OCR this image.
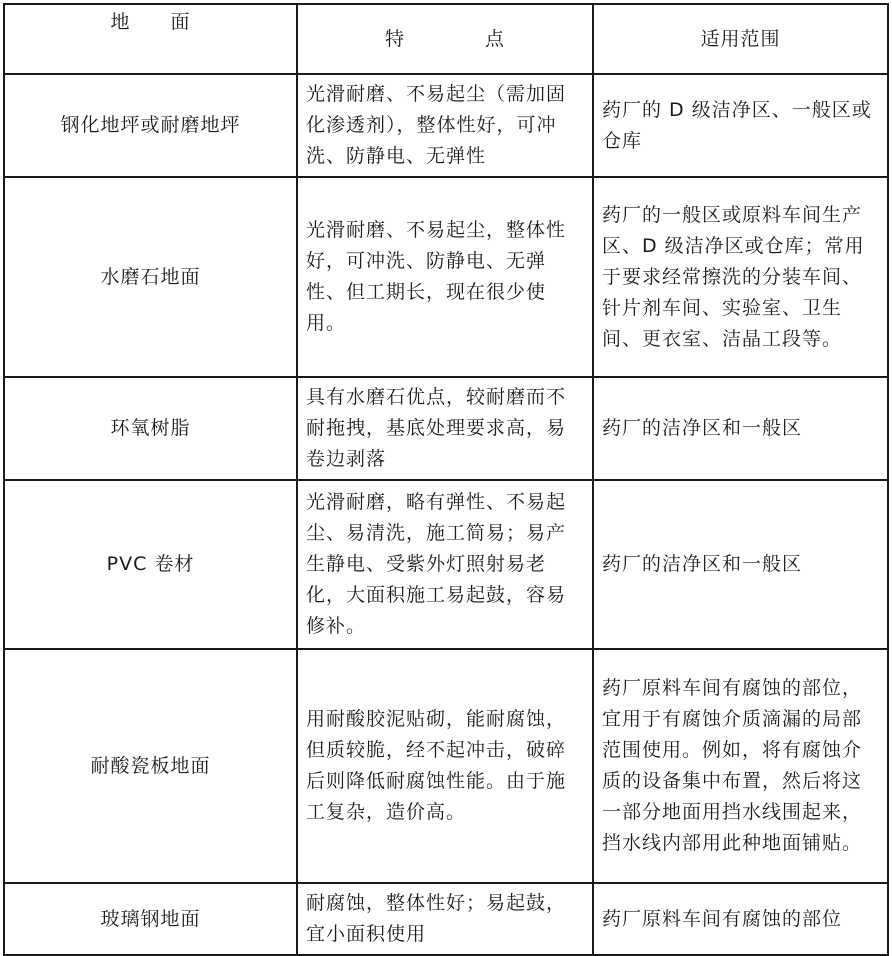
地　　面	特　　　　点	适用范围
钢化地坪或耐磨地坪	光滑耐磨、不易起尘（需加固化渗透剂），整体性好，可冲洗、防静电、无弹性	药厂的 D 级洁净区、一般区或仓库
水磨石地面	光滑耐磨、不易起尘，整体性好，可冲洗、防静电、无弹性、但工期长，现在很少使用。	药厂的一般区或原料车间生产区、D 级洁净区或仓库；常用于要求经常擦洗的分装车间、针片剂车间、实验室、卫生间、更衣室、洁晶工段等。
环氧树脂	具有水磨石优点，较耐磨而不耐拖拽，基底处理要求高，易卷边剥落	药厂的洁净区和一般区
PVC 卷材	光滑耐磨，略有弹性、不易起尘、易清洗，施工简易；易产生静电、受紫外灯照射易老化，大面积施工易起鼓，容易修补。	药厂的洁净区和一般区
耐酸瓷板地面	用耐酸胶泥贴砌，能耐腐蚀，但质较脆，经不起冲击，破碎后则降低耐腐蚀性能。由于施工复杂，造价高。	药厂原料车间有腐蚀的部位，宜用于有腐蚀介质滴漏的局部范围使用。例如，将有腐蚀介质的设备集中布置，然后将这一部分地面用挡水线围起来，挡水线内部用此种地面铺贴。
玻璃钢地面	耐腐蚀，整体性好；易起鼓，宜小面积使用	药厂原料车间有腐蚀的部位
